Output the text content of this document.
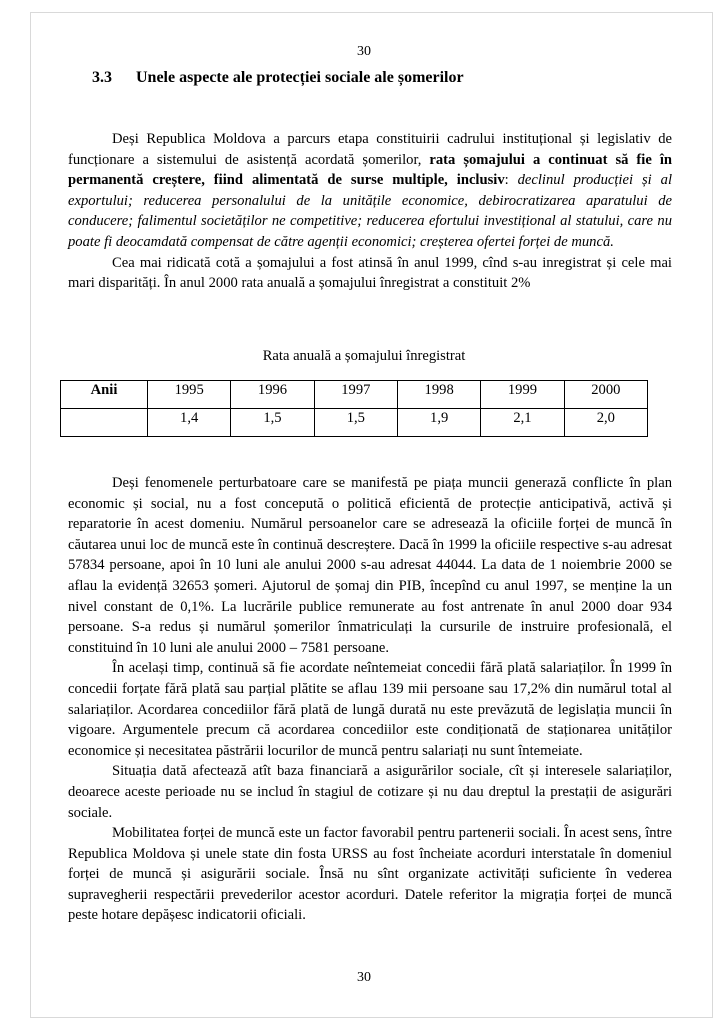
30
3.3 Unele aspecte ale protecției sociale ale șomerilor

Deși Republica Moldova a parcurs etapa constituirii cadrului instituțional și legislativ de funcționare a sistemului de asistență acordată șomerilor, rata șomajului a continuat să fie în permanentă creștere, fiind alimentată de surse multiple, inclusiv: declinul producției și al exportului; reducerea personalului de la unitățile economice, debirocratizarea aparatului de conducere; falimentul societăților ne competitive; reducerea efortului investițional al statului, care nu poate fi deocamdată compensat de către agenții economici; creșterea ofertei forței de muncă.

Cea mai ridicată cotă a șomajului a fost atinsă în anul 1999, cînd s-au inregistrat și cele mai mari disparități. În anul 2000 rata anuală a șomajului înregistrat a constituit 2%

Rata anuală a șomajului înregistrat
Anii	1995	1996	1997	1998	1999	2000
	1,4	1,5	1,5	1,9	2,1	2,0

Deși fenomenele perturbatoare care se manifestă pe piața muncii generază conflicte în plan economic și social, nu a fost concepută o politică eficientă de protecție anticipativă, activă și reparatorie în acest domeniu. Numărul persoanelor care se adresează la oficiile forței de muncă în căutarea unui loc de muncă este în continuă descreștere. Dacă în 1999 la oficiile respective s-au adresat 57834 persoane, apoi în 10 luni ale anului 2000 s-au adresat 44044. La data de 1 noiembrie 2000 se aflau la evidență 32653 șomeri. Ajutorul de șomaj din PIB, începînd cu anul 1997, se menține la un nivel constant de 0,1%. La lucrările publice remunerate au fost antrenate în anul 2000 doar 934 persoane. S-a redus și numărul șomerilor înmatriculați la cursurile de instruire profesională, el constituind în 10 luni ale anului 2000 – 7581 persoane.

În același timp, continuă să fie acordate neîntemeiat concedii fără plată salariaților. În 1999 în concedii forțate fără plată sau parțial plătite se aflau 139 mii persoane sau 17,2% din numărul total al salariaților. Acordarea concediilor fără plată de lungă durată nu este prevăzută de legislația muncii în vigoare. Argumentele precum că acordarea concediilor este condiționată de staționarea unităților economice și necesitatea păstrării locurilor de muncă pentru salariați nu sunt întemeiate.

Situația dată afectează atît baza financiară a asigurărilor sociale, cît și interesele salariaților, deoarece aceste perioade nu se includ în stagiul de cotizare și nu dau dreptul la prestații de asigurări sociale.

Mobilitatea forței de muncă este un factor favorabil pentru partenerii sociali. În acest sens, între Republica Moldova și unele state din fosta URSS au fost încheiate acorduri interstatale în domeniul forței de muncă și asigurării sociale. Însă nu sînt organizate activități suficiente în vederea supravegherii respectării prevederilor acestor acorduri. Datele referitor la migrația forței de muncă peste hotare depășesc indicatorii oficiali.

30
